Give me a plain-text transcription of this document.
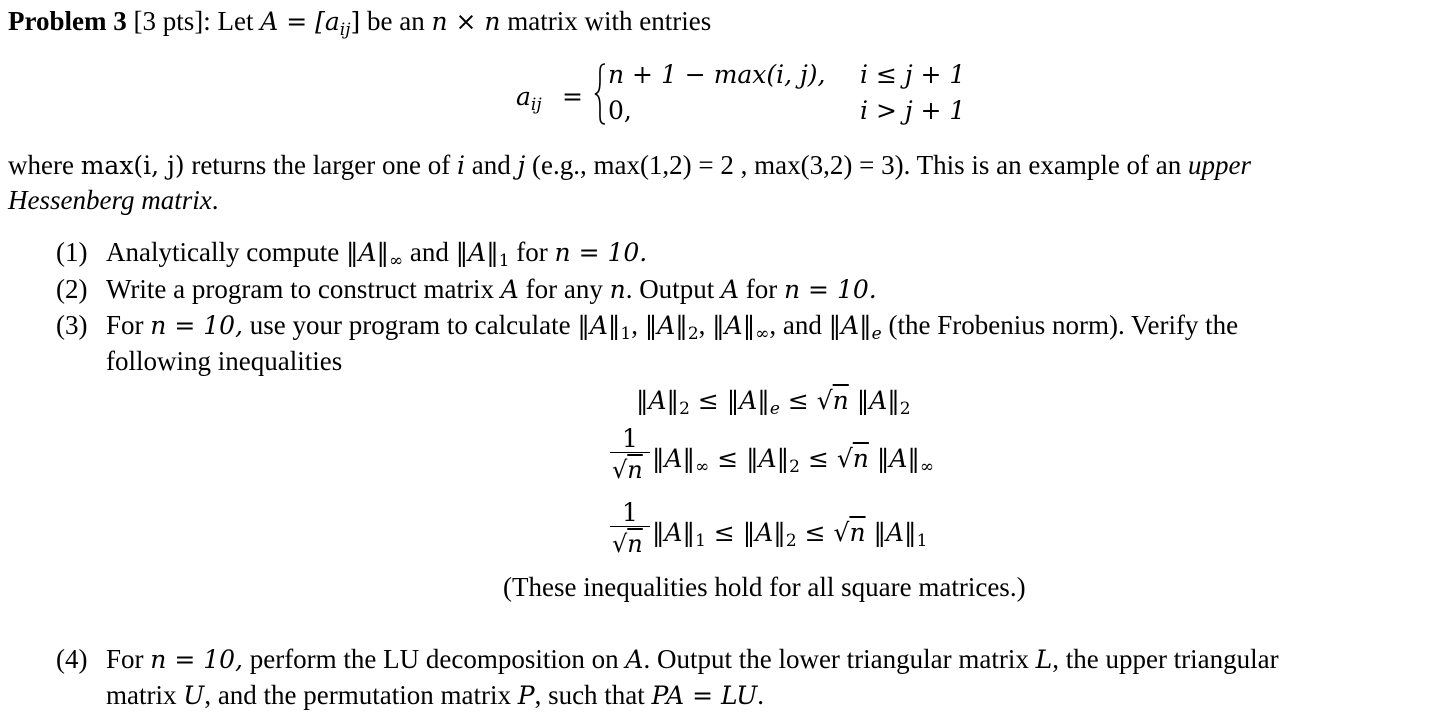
Problem 3 [3 pts]: Let $A = [a_{ij}]$ be an n × n matrix with entries
$a_{ij}$ =
n + 1 − max(i, j), i ≤ j + 1
0,	i > j + 1
where max(i, j) returns the larger one of i and j (e.g., max(1,2) = 2 , max(3,2) = 3). This is an example of an upper
Hessenberg matrix.
(1) Analytically compute $‖A‖_\infty$ and $‖A‖_1$ for n = 10.
(2) Write a program to construct matrix A for any n. Output A for n = 10.
(3) For n = 10, use your program to calculate $‖A‖_1$, $‖A‖_2$, $‖A‖_\infty$, and $‖A‖_e$ (the Frobenius norm). Verify the
following inequalities
$‖A‖_2$ ≤ $‖A‖_e \le √n$ $‖A‖_2$
1
√n $‖A‖_\infty$ ≤ $‖A‖_2 \le √n$ $‖A‖_\infty$
1
√n $‖A‖_1$ ≤ $‖A‖_2 \le √n$ $‖A‖_1$
(These inequalities hold for all square matrices.)
(4) For n = 10, perform the LU decomposition on A. Output the lower triangular matrix L, the upper triangular
matrix U, and the permutation matrix P, such that PA = LU.
